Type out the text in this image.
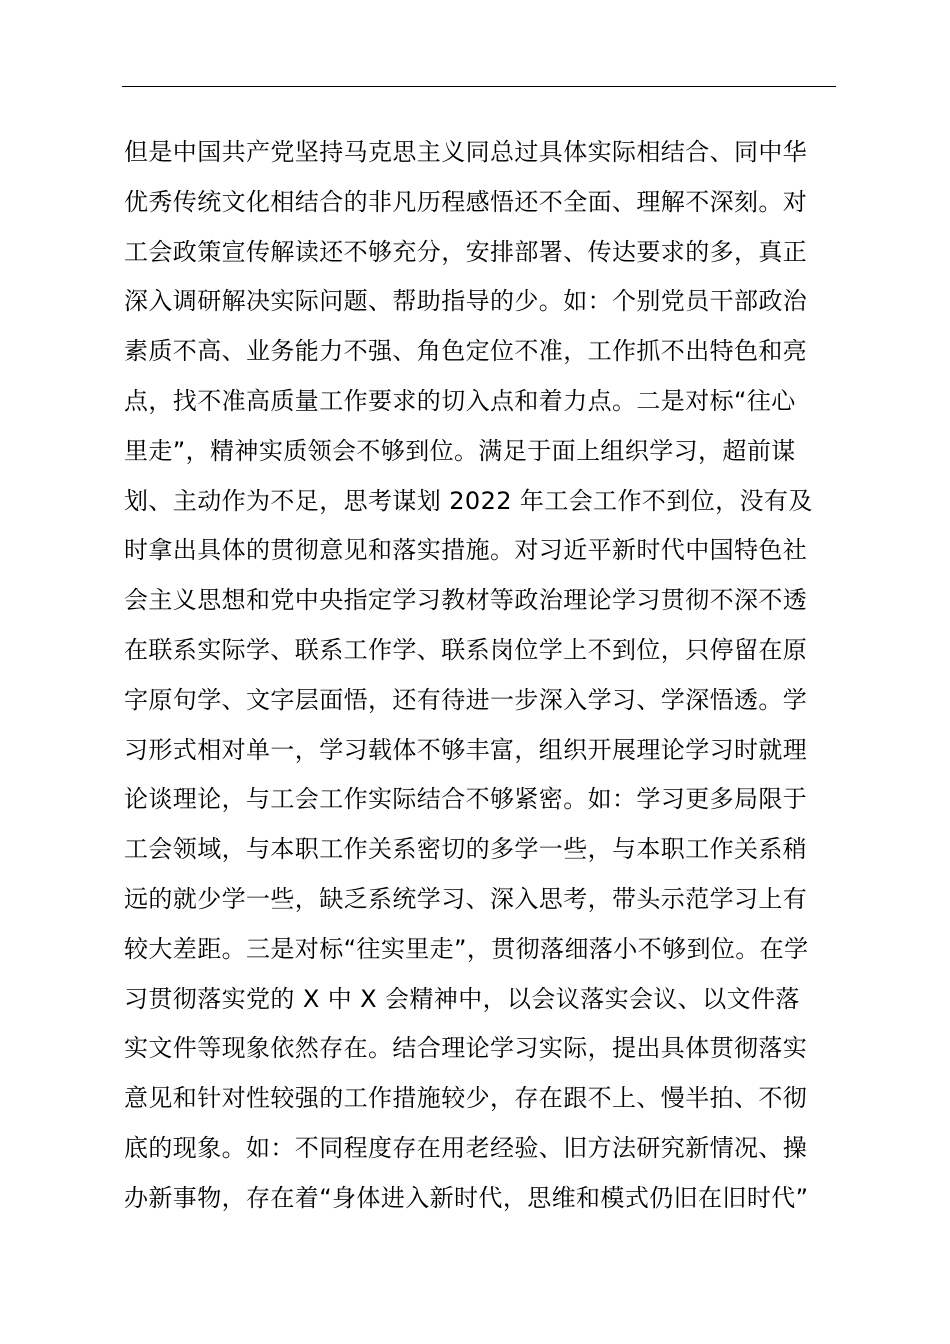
但是中国共产党坚持马克思主义同总过具体实际相结合、同中华
优秀传统文化相结合的非凡历程感悟还不全面、理解不深刻。对
工会政策宣传解读还不够充分，安排部署、传达要求的多，真正
深入调研解决实际问题、帮助指导的少。如：个别党员干部政治
素质不高、业务能力不强、角色定位不准，工作抓不出特色和亮
点，找不准高质量工作要求的切入点和着力点。二是对标“往心
里走”，精神实质领会不够到位。满足于面上组织学习，超前谋
划、主动作为不足，思考谋划 2022 年工会工作不到位，没有及
时拿出具体的贯彻意见和落实措施。对习近平新时代中国特色社
会主义思想和党中央指定学习教材等政治理论学习贯彻不深不透
在联系实际学、联系工作学、联系岗位学上不到位，只停留在原
字原句学、文字层面悟，还有待进一步深入学习、学深悟透。学
习形式相对单一，学习载体不够丰富，组织开展理论学习时就理
论谈理论，与工会工作实际结合不够紧密。如：学习更多局限于
工会领域，与本职工作关系密切的多学一些，与本职工作关系稍
远的就少学一些，缺乏系统学习、深入思考，带头示范学习上有
较大差距。三是对标“往实里走”，贯彻落细落小不够到位。在学
习贯彻落实党的 X 中 X 会精神中，以会议落实会议、以文件落
实文件等现象依然存在。结合理论学习实际，提出具体贯彻落实
意见和针对性较强的工作措施较少，存在跟不上、慢半拍、不彻
底的现象。如：不同程度存在用老经验、旧方法研究新情况、操
办新事物，存在着“身体进入新时代，思维和模式仍旧在旧时代”
